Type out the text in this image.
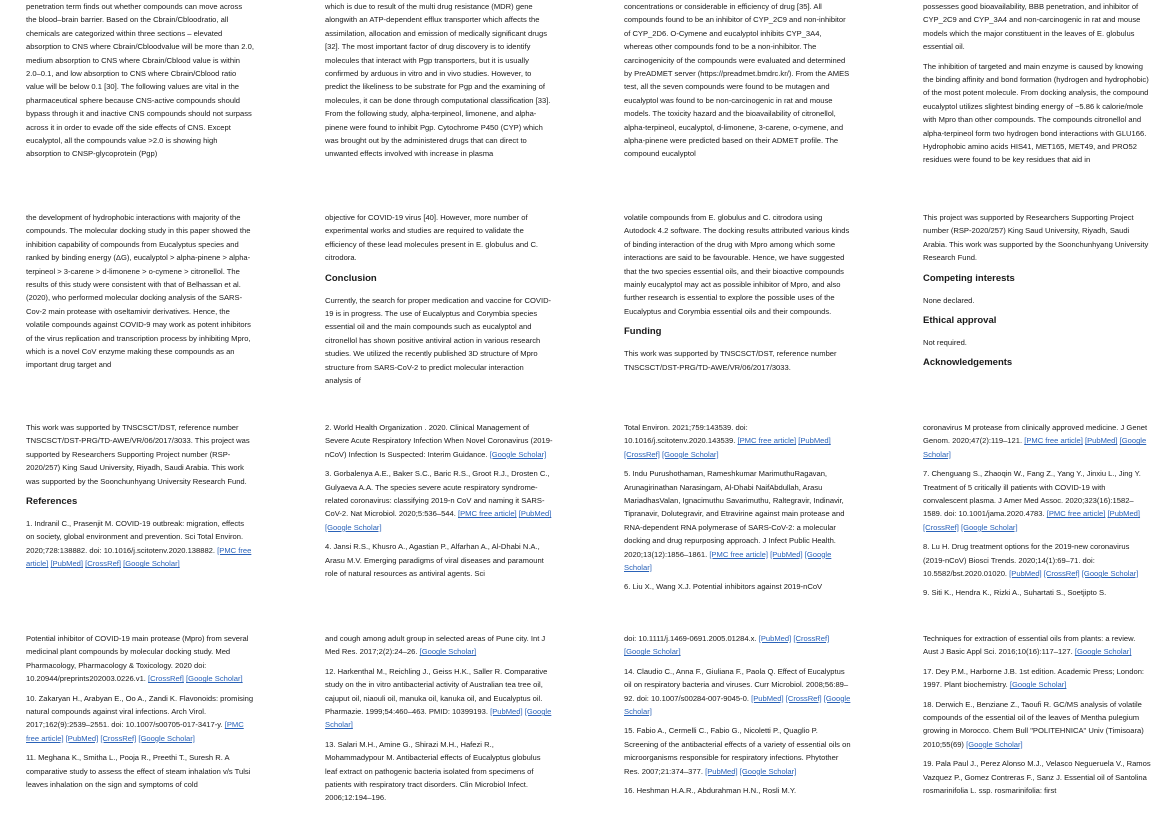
penetration term finds out whether compounds can move across the blood–brain barrier. Based on the Cbrain/Cbloodratio, all chemicals are categorized within three sections – elevated absorption to CNS where Cbrain/Cbloodvalue will be more than 2.0, medium absorption to CNS where Cbrain/Cblood value is within 2.0–0.1, and low absorption to CNS where Cbrain/Cblood ratio value will be below 0.1 [30]. The following values are vital in the pharmaceutical sphere because CNS-active compounds should bypass through it and inactive CNS compounds should not surpass across it in order to evade off the side effects of CNS. Except eucalyptol, all the compounds value >2.0 is showing high absorption to CNSP-glycoprotein (Pgp)

which is due to result of the multi drug resistance (MDR) gene alongwith an ATP-dependent efflux transporter which affects the assimilation, allocation and emission of medically significant drugs [32]. The most important factor of drug discovery is to identify molecules that interact with Pgp transporters, but it is usually confirmed by arduous in vitro and in vivo studies. However, to predict the likeliness to be substrate for Pgp and the examining of molecules, it can be done through computational classification [33]. From the following study, alpha-terpineol, limonene, and alpha-pinene were found to inhibit Pgp. Cytochrome P450 (CYP) which was brought out by the administered drugs that can direct to unwanted effects involved with increase in plasma

concentrations or considerable in efficiency of drug [35]. All compounds found to be an inhibitor of CYP_2C9 and non-inhibitor of CYP_2D6. O-Cymene and eucalyptol inhibits CYP_3A4, whereas other compounds fond to be a non-inhibitor. The carcinogenicity of the compounds were evaluated and determined by PreADMET server (https://preadmet.bmdrc.kr/). From the AMES test, all the seven compounds were found to be mutagen and eucalyptol was found to be non-carcinogenic in rat and mouse models. The toxicity hazard and the bioavailability of citronellol, alpha-terpineol, eucalyptol, d-limonene, 3-carene, o-cymene, and alpha-pinene were predicted based on their ADMET profile. The compound eucalyptol

possesses good bioavailability, BBB penetration, and inhibitor of CYP_2C9 and CYP_3A4 and non-carcinogenic in rat and mouse models which the major constituent in the leaves of E. globulus essential oil.

The inhibition of targeted and main enzyme is caused by knowing the binding affinity and bond formation (hydrogen and hydrophobic) of the most potent molecule. From docking analysis, the compound eucalyptol utilizes slightest binding energy of −5.86 k calorie/mole with Mpro than other compounds. The compounds citronellol and alpha-terpineol form two hydrogen bond interactions with GLU166. Hydrophobic amino acids HIS41, MET165, MET49, and PRO52 residues were found to be key residues that aid in

the development of hydrophobic interactions with majority of the compounds. The molecular docking study in this paper showed the inhibition capability of compounds from Eucalyptus species and ranked by binding energy (ΔG), eucalyptol > alpha-pinene > alpha-terpineol > 3-carene > d-limonene > o-cymene > citronellol. The results of this study were consistent with that of Belhassan et al. (2020), who performed molecular docking analysis of the SARS-Cov-2 main protease with oseltamivir derivatives. Hence, the volatile compounds against COVID-9 may work as potent inhibitors of the virus replication and transcription process by inhibiting Mpro, which is a novel CoV enzyme making these compounds as an important drug target and

objective for COVID-19 virus [40]. However, more number of experimental works and studies are required to validate the efficiency of these lead molecules present in E. globulus and C. citrodora.

Conclusion

Currently, the search for proper medication and vaccine for COVID-19 is in progress. The use of Eucalyptus and Corymbia species essential oil and the main compounds such as eucalyptol and citronellol has shown positive antiviral action in various research studies. We utilized the recently published 3D structure of Mpro structure from SARS-CoV-2 to predict molecular interaction analysis of

volatile compounds from E. globulus and C. citrodora using Autodock 4.2 software. The docking results attributed various kinds of binding interaction of the drug with Mpro among which some interactions are said to be favourable. Hence, we have suggested that the two species essential oils, and their bioactive compounds mainly eucalyptol may act as possible inhibitor of Mpro, and also further research is essential to explore the possible uses of the Eucalyptus and Corymbia essential oils and their compounds.

Funding

This work was supported by TNSCSCT/DST, reference number TNSCSCT/DST-PRG/TD-AWE/VR/06/2017/3033.

This project was supported by Researchers Supporting Project number (RSP-2020/257) King Saud University, Riyadh, Saudi Arabia. This work was supported by the Soonchunhyang University Research Fund.

Competing interests

None declared.

Ethical approval

Not required.

Acknowledgements

This work was supported by TNSCSCT/DST, reference number TNSCSCT/DST-PRG/TD-AWE/VR/06/2017/3033. This project was supported by Researchers Supporting Project number (RSP-2020/257) King Saud University, Riyadh, Saudi Arabia. This work was supported by the Soonchunhyang University Research Fund.

References
1. Indranil C., Prasenjit M. COVID-19 outbreak: migration, effects on society, global environment and prevention. Sci Total Environ. 2020;728:138882. doi: 10.1016/j.scitotenv.2020.138882. [PMC free article] [PubMed] [CrossRef] [Google Scholar]
2. World Health Organization . 2020. Clinical Management of Severe Acute Respiratory Infection When Novel Coronavirus (2019-nCoV) Infection Is Suspected: Interim Guidance. [Google Scholar]
3. Gorbalenya A.E., Baker S.C., Baric R.S., Groot R.J., Drosten C., Gulyaeva A.A. The species severe acute respiratory syndrome-related coronavirus: classifying 2019-n CoV and naming it SARS-CoV-2. Nat Microbiol. 2020;5:536–544. [PMC free article] [PubMed] [Google Scholar]
4. Jansi R.S., Khusro A., Agastian P., Alfarhan A., Al-Dhabi N.A., Arasu M.V. Emerging paradigms of viral diseases and paramount role of natural resources as antiviral agents. Sci
Total Environ. 2021;759:143539. doi: 10.1016/j.scitotenv.2020.143539. [PMC free article] [PubMed] [CrossRef] [Google Scholar]
5. Indu Purushothaman, Rameshkumar MarimuthuRagavan, Arunagirinathan Narasingam, Al-Dhabi NaifAbdullah, Arasu MariadhasValan, Ignacimuthu Savarimuthu, Raltegravir, Indinavir, Tipranavir, Dolutegravir, and Etravirine against main protease and RNA-dependent RNA polymerase of SARS-CoV-2: a molecular docking and drug repurposing approach. J Infect Public Health. 2020;13(12):1856–1861. [PMC free article] [PubMed] [Google Scholar]
6. Liu X., Wang X.J. Potential inhibitors against 2019-nCoV
coronavirus M protease from clinically approved medicine. J Genet Genom. 2020;47(2):119–121. [PMC free article] [PubMed] [Google Scholar]
7. Chenguang S., Zhaoqin W., Fang Z., Yang Y., Jinxiu L., Jing Y. Treatment of 5 critically ill patients with COVID-19 with convalescent plasma. J Amer Med Assoc. 2020;323(16):1582–1589. doi: 10.1001/jama.2020.4783. [PMC free article] [PubMed] [CrossRef] [Google Scholar]
8. Lu H. Drug treatment options for the 2019-new coronavirus (2019-nCoV) Biosci Trends. 2020;14(1):69–71. doi: 10.5582/bst.2020.01020. [PubMed] [CrossRef] [Google Scholar]
9. Siti K., Hendra K., Rizki A., Suhartati S., Soetjipto S.
Potential inhibitor of COVID-19 main protease (Mpro) from several medicinal plant compounds by molecular docking study. Med Pharmacology, Pharmacology & Toxicology. 2020 doi: 10.20944/preprints202003.0226.v1. [CrossRef] [Google Scholar]
10. Zakaryan H., Arabyan E., Oo A., Zandi K. Flavonoids: promising natural compounds against viral infections. Arch Virol. 2017;162(9):2539–2551. doi: 10.1007/s00705-017-3417-y. [PMC free article] [PubMed] [CrossRef] [Google Scholar]
11. Meghana K., Smitha L., Pooja R., Preethi T., Suresh R. A comparative study to assess the effect of steam inhalation v/s Tulsi leaves inhalation on the sign and symptoms of cold
and cough among adult group in selected areas of Pune city. Int J Med Res. 2017;2(2):24–26. [Google Scholar]
12. Harkenthal M., Reichling J., Geiss H.K., Saller R. Comparative study on the in vitro antibacterial activity of Australian tea tree oil, cajuput oil, niaouli oil, manuka oil, kanuka oil, and Eucalyptus oil. Pharmazie. 1999;54:460–463. PMID: 10399193. [PubMed] [Google Scholar]
13. Salari M.H., Amine G., Shirazi M.H., Hafezi R., Mohammadypour M. Antibacterial effects of Eucalyptus globulus leaf extract on pathogenic bacteria isolated from specimens of patients with respiratory tract disorders. Clin Microbiol Infect. 2006;12:194–196.
doi: 10.1111/j.1469-0691.2005.01284.x. [PubMed] [CrossRef] [Google Scholar]
14. Claudio C., Anna F., Giuliana F., Paola Q. Effect of Eucalyptus oil on respiratory bacteria and viruses. Curr Microbiol. 2008;56:89–92. doi: 10.1007/s00284-007-9045-0. [PubMed] [CrossRef] [Google Scholar]
15. Fabio A., Cermelli C., Fabio G., Nicoletti P., Quaglio P. Screening of the antibacterial effects of a variety of essential oils on microorganisms responsible for respiratory infections. Phytother Res. 2007;21:374–377. [PubMed] [Google Scholar]
16. Heshman H.A.R., Abdurahman H.N., Rosli M.Y.
Techniques for extraction of essential oils from plants: a review. Aust J Basic Appl Sci. 2016;10(16):117–127. [Google Scholar]
17. Dey P.M., Harborne J.B. 1st edition. Academic Press; London: 1997. Plant biochemistry. [Google Scholar]
18. Derwich E., Benziane Z., Taoufi R. GC/MS analysis of volatile compounds of the essential oil of the leaves of Mentha pulegium growing in Morocco. Chem Bull "POLITEHNICA" Univ (Timisoara) 2010;55(69) [Google Scholar]
19. Pala Paul J., Perez Alonso M.J., Velasco Negueruela V., Ramos Vazquez P., Gomez Contreras F., Sanz J. Essential oil of Santolina rosmarinifolia L. ssp. rosmarinifolia: first
